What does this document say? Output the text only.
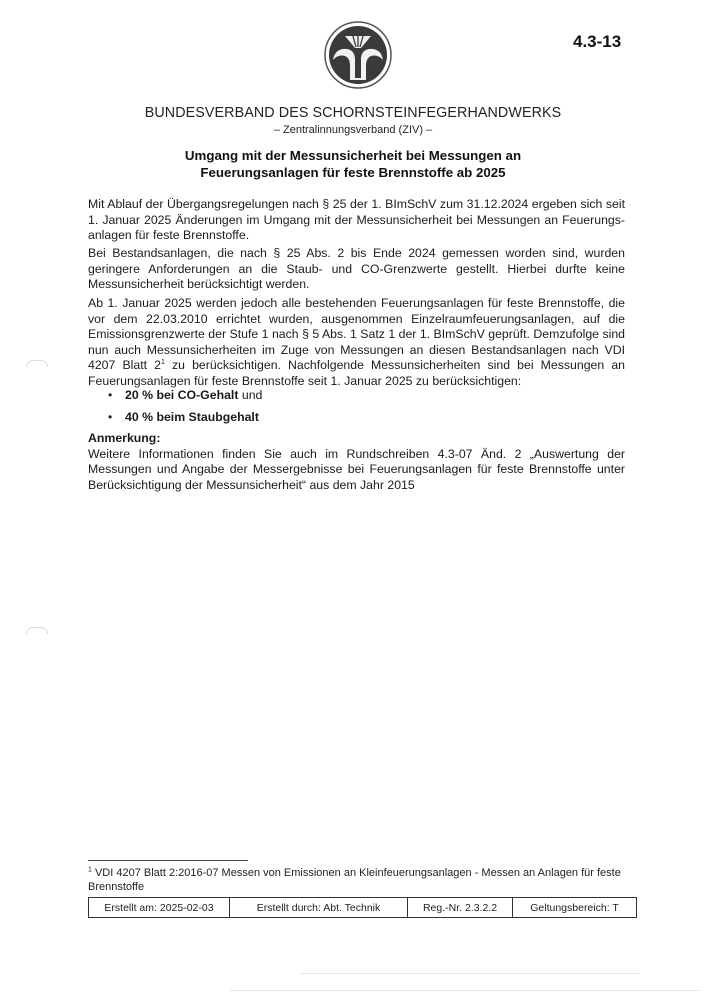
4.3-13
BUNDESVERBAND DES SCHORNSTEINFEGERHANDWERKS
– Zentralinnungsverband (ZIV) –
Umgang mit der Messunsicherheit bei Messungen an
Feuerungsanlagen für feste Brennstoffe ab 2025

Mit Ablauf der Übergangsregelungen nach § 25 der 1. BImSchV zum 31.12.2024 ergeben sich seit 1. Januar 2025 Änderungen im Umgang mit der Messunsicherheit bei Messungen an Feuerungs-anlagen für feste Brennstoffe.

Bei Bestandsanlagen, die nach § 25 Abs. 2 bis Ende 2024 gemessen worden sind, wurden geringere Anforderungen an die Staub- und CO-Grenzwerte gestellt. Hierbei durfte keine Messunsicherheit berücksichtigt werden.

Ab 1. Januar 2025 werden jedoch alle bestehenden Feuerungsanlagen für feste Brennstoffe, die vor dem 22.03.2010 errichtet wurden, ausgenommen Einzelraumfeuerungsanlagen, auf die Emissionsgrenzwerte der Stufe 1 nach § 5 Abs. 1 Satz 1 der 1. BImSchV geprüft. Demzufolge sind nun auch Messunsicherheiten im Zuge von Messungen an diesen Bestandsanlagen nach VDI 4207 Blatt $2^1$ zu berücksichtigen. Nachfolgende Messunsicherheiten sind bei Messungen an Feuerungsanlagen für feste Brennstoffe seit 1. Januar 2025 zu berücksichtigen:

• 20 % bei CO-Gehalt und
• 40 % beim Staubgehalt
Anmerkung:
Weitere Informationen finden Sie auch im Rundschreiben 4.3-07 Änd. 2 „Auswertung der Messungen und Angabe der Messergebnisse bei Feuerungsanlagen für feste Brennstoffe unter Berücksichtigung der Messunsicherheit“ aus dem Jahr 2015
$^1$ VDI 4207 Blatt 2:2016-07 Messen von Emissionen an Kleinfeuerungsanlagen - Messen an Anlagen für feste Brennstoffe
Erstellt am: 2025-02-03	Erstellt durch: Abt. Technik	Reg.-Nr. 2.3.2.2	Geltungsbereich: T
